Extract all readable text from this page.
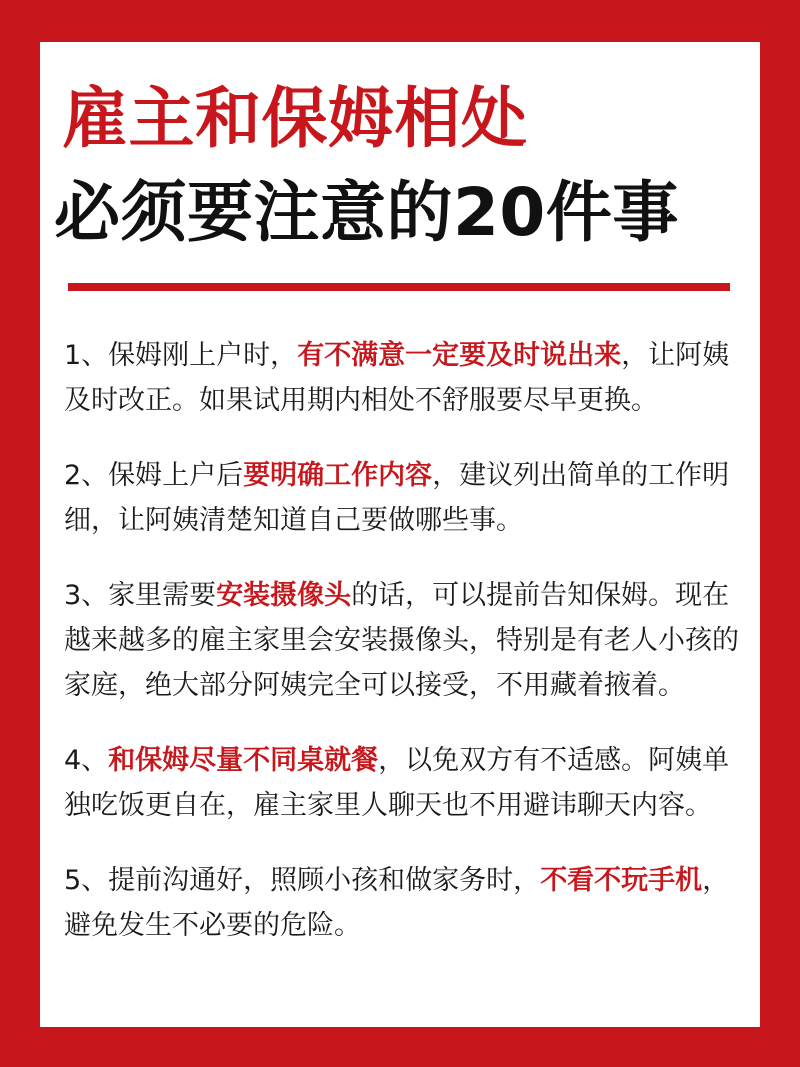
雇主和保姆相处
必须要注意的20件事

1、保姆刚上户时，有不满意一定要及时说出来，让阿姨及时改正。如果试用期内相处不舒服要尽早更换。

2、保姆上户后要明确工作内容，建议列出简单的工作明细，让阿姨清楚知道自己要做哪些事。

3、家里需要安装摄像头的话，可以提前告知保姆。现在越来越多的雇主家里会安装摄像头，特别是有老人小孩的家庭，绝大部分阿姨完全可以接受，不用藏着掖着。

4、和保姆尽量不同桌就餐，以免双方有不适感。阿姨单独吃饭更自在，雇主家里人聊天也不用避讳聊天内容。

5、提前沟通好，照顾小孩和做家务时，不看不玩手机，避免发生不必要的危险。
